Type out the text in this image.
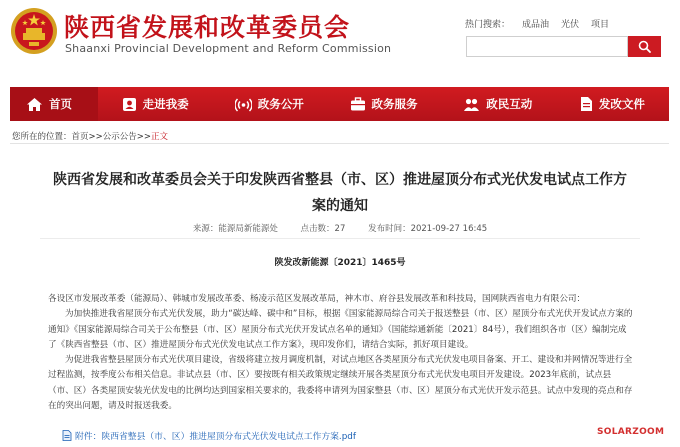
陕西省发展和改革委员会
Shaanxi Provincial Development and Reform Commission
热门搜索： 成品油 光伏 项目
首页	走进我委	政务公开	政务服务	政民互动	发改文件
您所在的位置：首页>>公示公告>>正文
陕西省发展和改革委员会关于印发陕西省整县（市、区）推进屋顶分布式光伏发电试点工作方
案的通知
来源：能源局新能源处	点击数：27	发布时间：2021-09-27 16:45
陕发改新能源〔2021〕1465号

各设区市发展改革委（能源局）、韩城市发展改革委、杨凌示范区发展改革局，神木市、府谷县发展改革和科技局，国网陕西省电力有限公司：

为加快推进我省屋顶分布式光伏发展，助力“碳达峰、碳中和”目标，根据《国家能源局综合司关于报送整县（市、区）屋顶分布式光伏开发试点方案的通知》《国家能源局综合司关于公布整县（市、区）屋顶分布式光伏开发试点名单的通知》（国能综通新能〔2021〕84号），我们组织各市（区）编制完成了《陕西省整县（市、区）推进屋顶分布式光伏发电试点工作方案》，现印发你们，请结合实际，抓好项目建设。

为促进我省整县屋顶分布式光伏项目建设，省级将建立按月调度机制，对试点地区各类屋顶分布式光伏发电项目备案、开工、建设和并网情况等进行全过程监测，按季度公布相关信息。非试点县（市、区）要按既有相关政策规定继续开展各类屋顶分布式光伏发电项目开发建设。2023年底前，试点县（市、区）各类屋顶安装光伏发电的比例均达到国家相关要求的，我委将申请列为国家整县（市、区）屋顶分布式光伏开发示范县。试点中发现的亮点和存在的突出问题，请及时报送我委。

附件：陕西省整县（市、区）推进屋顶分布式光伏发电试点工作方案.pdf	SOLARZOOM
